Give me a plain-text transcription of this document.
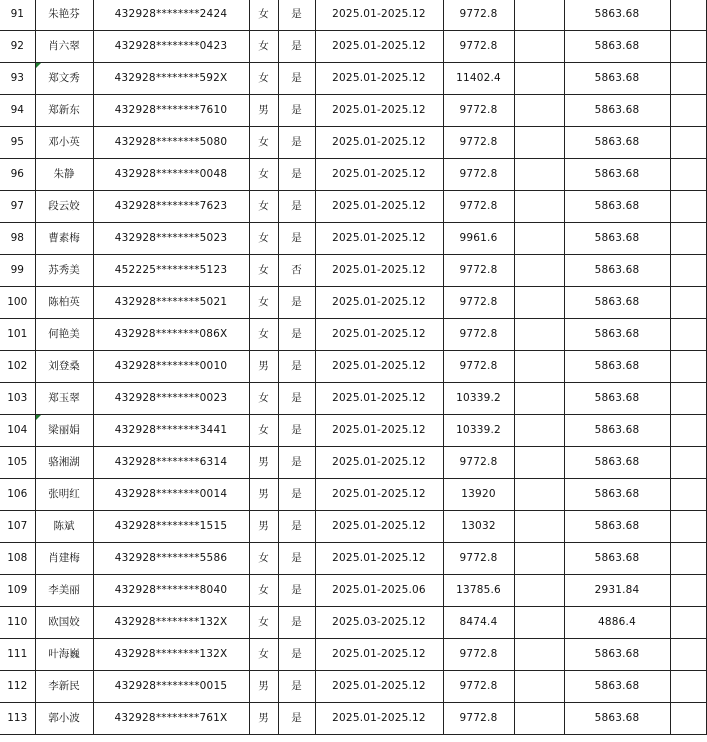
91	朱艳芬	432928********2424	女	是	2025.01-2025.12	9772.8		5863.68	
92	肖六翠	432928********0423	女	是	2025.01-2025.12	9772.8		5863.68	
93	郑文秀	432928********592X	女	是	2025.01-2025.12	11402.4		5863.68	
94	郑新东	432928********7610	男	是	2025.01-2025.12	9772.8		5863.68	
95	邓小英	432928********5080	女	是	2025.01-2025.12	9772.8		5863.68	
96	朱静	432928********0048	女	是	2025.01-2025.12	9772.8		5863.68	
97	段云姣	432928********7623	女	是	2025.01-2025.12	9772.8		5863.68	
98	曹素梅	432928********5023	女	是	2025.01-2025.12	9961.6		5863.68	
99	苏秀美	452225********5123	女	否	2025.01-2025.12	9772.8		5863.68	
100	陈柏英	432928********5021	女	是	2025.01-2025.12	9772.8		5863.68	
101	何艳美	432928********086X	女	是	2025.01-2025.12	9772.8		5863.68	
102	刘登桑	432928********0010	男	是	2025.01-2025.12	9772.8		5863.68	
103	郑玉翠	432928********0023	女	是	2025.01-2025.12	10339.2		5863.68	
104	梁丽娟	432928********3441	女	是	2025.01-2025.12	10339.2		5863.68	
105	骆湘湖	432928********6314	男	是	2025.01-2025.12	9772.8		5863.68	
106	张明红	432928********0014	男	是	2025.01-2025.12	13920		5863.68	
107	陈斌	432928********1515	男	是	2025.01-2025.12	13032		5863.68	
108	肖建梅	432928********5586	女	是	2025.01-2025.12	9772.8		5863.68	
109	李美丽	432928********8040	女	是	2025.01-2025.06	13785.6		2931.84	
110	欧国姣	432928********132X	女	是	2025.03-2025.12	8474.4		4886.4	
111	叶海巍	432928********132X	女	是	2025.01-2025.12	9772.8		5863.68	
112	李新民	432928********0015	男	是	2025.01-2025.12	9772.8		5863.68	
113	郭小波	432928********761X	男	是	2025.01-2025.12	9772.8		5863.68	
